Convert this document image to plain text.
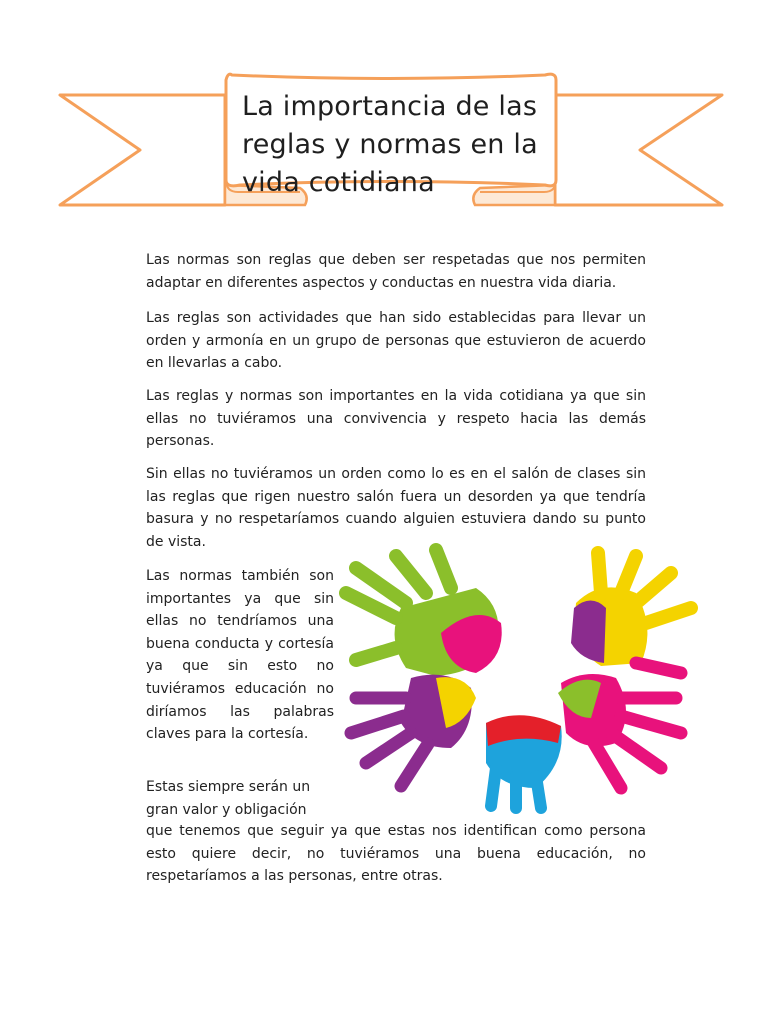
La importancia de las reglas y normas en la vida cotidiana

Las normas son reglas que deben ser respetadas que nos permiten adaptar en diferentes aspectos y conductas en nuestra vida diaria.

Las reglas son actividades que han sido establecidas para llevar un orden y armonía en un grupo de personas que estuvieron de acuerdo en llevarlas a cabo.

Las reglas y normas son importantes en la vida cotidiana ya que sin ellas no tuviéramos una convivencia y respeto hacia las demás personas.

Sin ellas no tuviéramos un orden como lo es en el salón de clases sin las reglas que rigen nuestro salón fuera un desorden ya que tendría basura y no respetaríamos cuando alguien estuviera dando su punto de vista.

Las normas también son importantes ya que sin ellas no tendríamos una buena conducta y cortesía ya que sin esto no tuviéramos educación no diríamos las palabras claves para la cortesía.

Estas siempre serán un gran valor y obligación

que tenemos que seguir ya que estas nos identifican como persona esto quiere decir, no tuviéramos una buena educación, no respetaríamos a las personas, entre otras.
